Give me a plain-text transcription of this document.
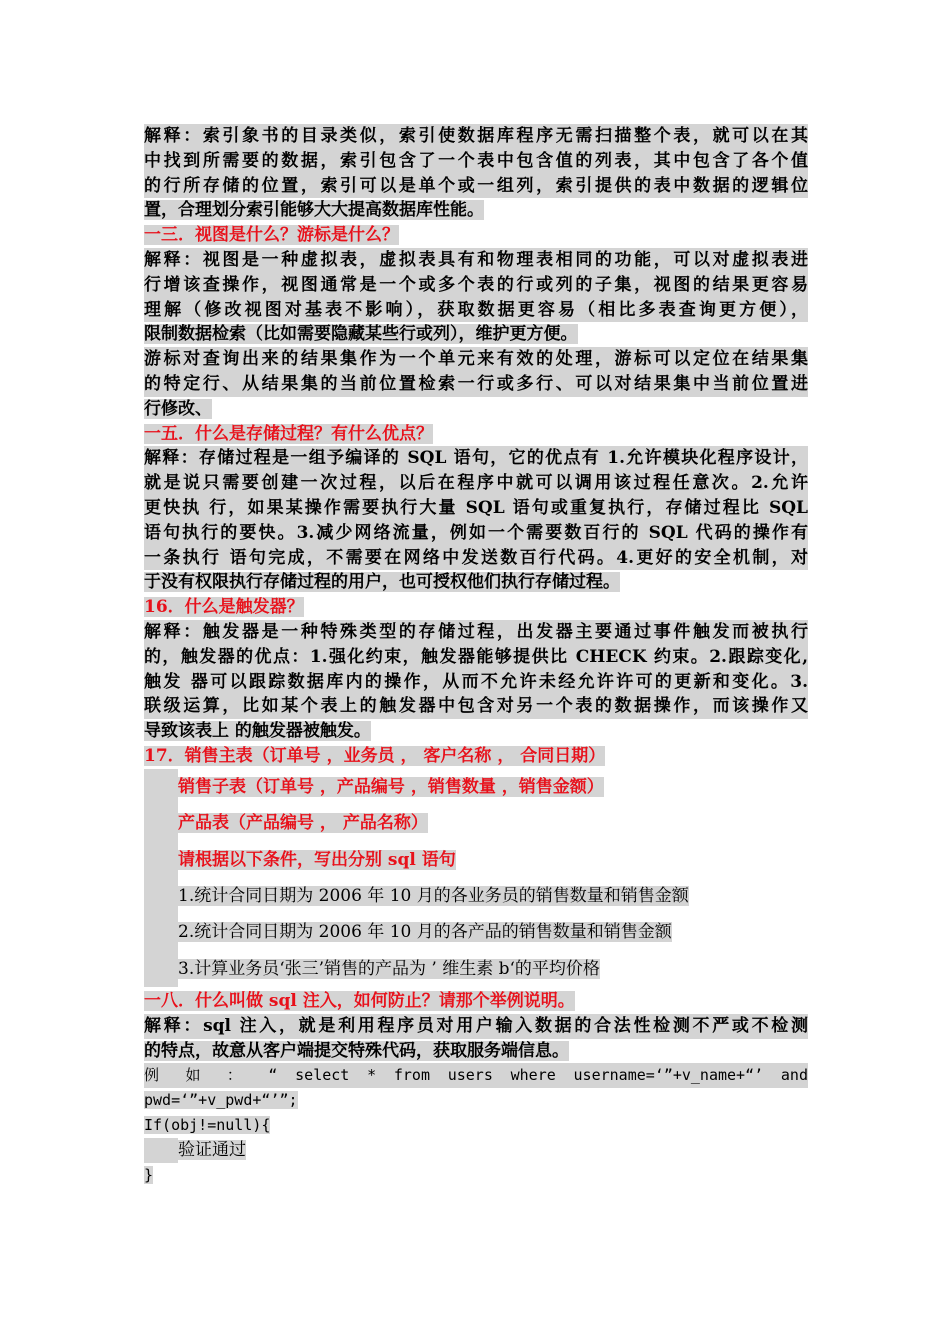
解释：索引象书的目录类似，索引使数据库程序无需扫描整个表，就可以在其
中找到所需要的数据，索引包含了一个表中包含值的列表，其中包含了各个值
的行所存储的位置，索引可以是单个或一组列，索引提供的表中数据的逻辑位
置，合理划分索引能够大大提高数据库性能。
一三．视图是什么？游标是什么？
解释：视图是一种虚拟表，虚拟表具有和物理表相同的功能，可以对虚拟表进
行增该查操作，视图通常是一个或多个表的行或列的子集，视图的结果更容易
理解（修改视图对基表不影响），获取数据更容易（相比多表查询更方便），
限制数据检索（比如需要隐藏某些行或列），维护更方便。
游标对查询出来的结果集作为一个单元来有效的处理，游标可以定位在结果集
的特定行、从结果集的当前位置检索一行或多行、可以对结果集中当前位置进
行修改、
一五．什么是存储过程？有什么优点？
解释：存储过程是一组予编译的 SQL 语句，它的优点有 1.允许模块化程序设计，
就是说只需要创建一次过程，以后在程序中就可以调用该过程任意次。2.允许
更快执 行，如果某操作需要执行大量 SQL 语句或重复执行，存储过程比 SQL
语句执行的要快。3.减少网络流量，例如一个需要数百行的 SQL 代码的操作有
一条执行 语句完成，不需要在网络中发送数百行代码。4.更好的安全机制，对
于没有权限执行存储过程的用户，也可授权他们执行存储过程。
16．什么是触发器？
解释：触发器是一种特殊类型的存储过程，出发器主要通过事件触发而被执行
的，触发器的优点：1.强化约束，触发器能够提供比 CHECK 约束。2.跟踪变化,
触发 器可以跟踪数据库内的操作，从而不允许未经允许许可的更新和变化。3.
联级运算，比如某个表上的触发器中包含对另一个表的数据操作，而该操作又
导致该表上 的触发器被触发。
17．销售主表（订单号 ，业务员 ， 客户名称 ， 合同日期）
销售子表（订单号 ，产品编号 ，销售数量 ，销售金额）
产品表（产品编号 ， 产品名称）
请根据以下条件，写出分别 sql 语句
1.统计合同日期为 2006 年 10 月的各业务员的销售数量和销售金额
2.统计合同日期为 2006 年 10 月的各产品的销售数量和销售金额
3.计算业务员‘张三’销售的产品为 ’ 维生素 b‘的平均价格
一八．什么叫做 sql 注入，如何防止？请那个举例说明。
解释：sql 注入，就是利用程序员对用户输入数据的合法性检测不严或不检测
的特点，故意从客户端提交特殊代码，获取服务端信息。
例 如 ： “ select * from users where username=‘”+v_name+“’ and
pwd=‘”+v_pwd+“’”;
If(obj!=null){
验证通过
}
